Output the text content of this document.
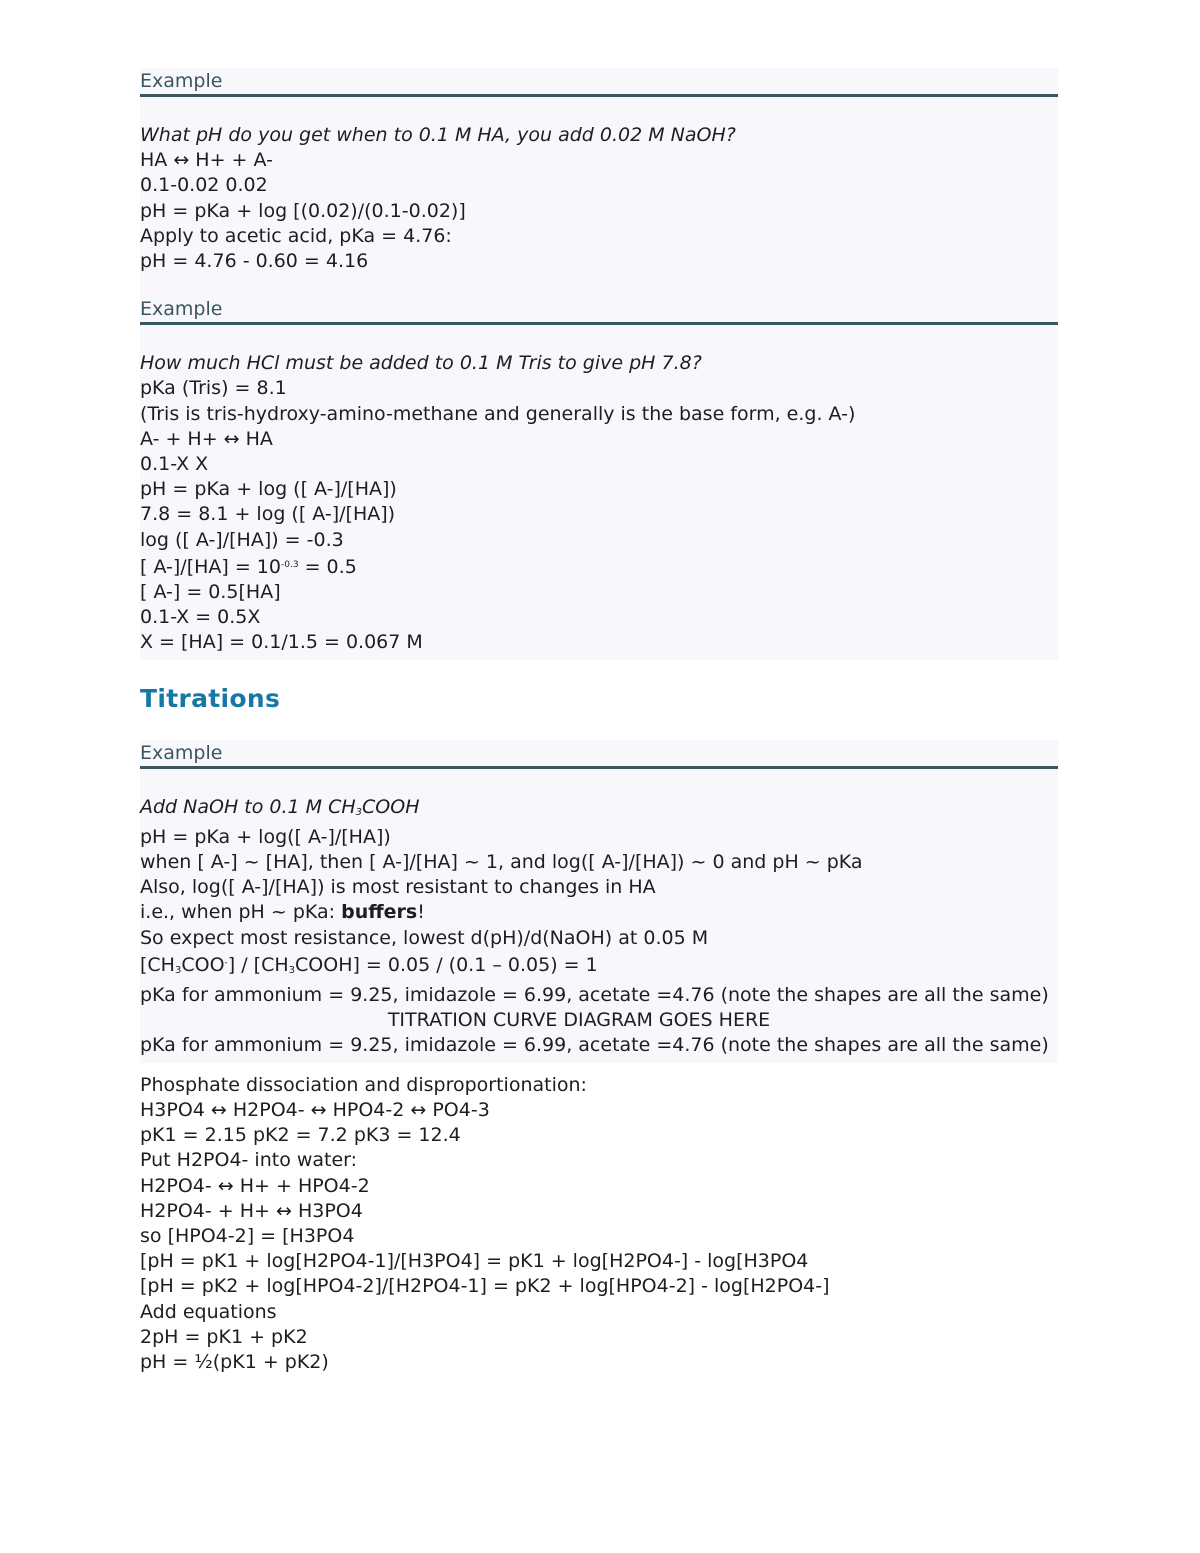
Example
What pH do you get when to 0.1 M HA, you add 0.02 M NaOH?
HA ↔ H+ + A-
0.1-0.02 0.02
pH = pKa + log [(0.02)/(0.1-0.02)]
Apply to acetic acid, pKa = 4.76:
pH = 4.76 - 0.60 = 4.16
Example
How much HCl must be added to 0.1 M Tris to give pH 7.8?
pKa (Tris) = 8.1
(Tris is tris-hydroxy-amino-methane and generally is the base form, e.g. A-)
A- + H+ ↔ HA
0.1-X X
pH = pKa + log ([ A-]/[HA])
7.8 = 8.1 + log ([ A-]/[HA])
log ([ A-]/[HA]) = -0.3
[ $A-]/[HA] = 10^{-0.3} = 0.5$
[ A-] = 0.5[HA]
0.1-X = 0.5X
X = [HA] = 0.1/1.5 = 0.067 M
Titrations
Example
Add NaOH to 0.1 M $CH_3COOH$
pH = pKa + log([ A-]/[HA])
when [ A-] ~ [HA], then [ A-]/[HA] ~ 1, and log([ A-]/[HA]) ~ 0 and pH ~ pKa
Also, log([ A-]/[HA]) is most resistant to changes in HA
i.e., when pH ~ pKa: buffers!
So expect most resistance, lowest d(pH)/d(NaOH) at 0.05 M
$[CH_3COO^-]$ / $[CH_3COOH] = 0.05 / (0.1 - 0.05) = 1$
pKa for ammonium = 9.25, imidazole = 6.99, acetate =4.76 (note the shapes are all the same)
TITRATION CURVE DIAGRAM GOES HERE
pKa for ammonium = 9.25, imidazole = 6.99, acetate =4.76 (note the shapes are all the same)
Phosphate dissociation and disproportionation:
H3PO4 ↔ H2PO4- ↔ HPO4-2 ↔ PO4-3
pK1 = 2.15 pK2 = 7.2 pK3 = 12.4
Put H2PO4- into water:
H2PO4- ↔ H+ + HPO4-2
H2PO4- + H+ ↔ H3PO4
so [HPO4-2] = [H3PO4
[pH = pK1 + log[H2PO4-1]/[H3PO4] = pK1 + log[H2PO4-] - log[H3PO4
[pH = pK2 + log[HPO4-2]/[H2PO4-1] = pK2 + log[HPO4-2] - log[H2PO4-]
Add equations
2pH = pK1 + pK2
pH = ½(pK1 + pK2)
